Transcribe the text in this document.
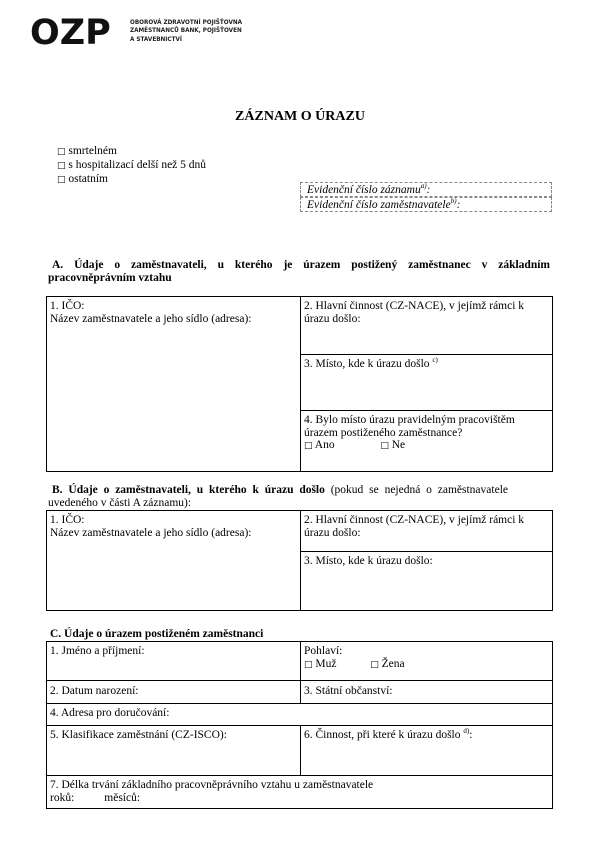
OZP	OBOROVÁ ZDRAVOTNÍ POJIŠŤOVNA
ZAMĚSTNANCŮ BANK, POJIŠŤOVEN
A STAVEBNICTVÍ
ZÁZNAM O ÚRAZU
□ smrtelném
□ s hospitalizací delší než 5 dnů
□ ostatním
Evidenční číslo záznamu$^{a)}$:
Evidenční číslo zaměstnavatele$^{b)}$:
A. Údaje o zaměstnavateli, u kterého je úrazem postižený zaměstnanec v základním pracovněprávním vztahu
1. IČO:
Název zaměstnavatele a jeho sídlo (adresa):
2. Hlavní činnost (CZ-NACE), v jejímž rámci k úrazu došlo:
3. Místo, kde k úrazu došlo $^{c)}$
4. Bylo místo úrazu pravidelným pracovištěm úrazem postiženého zaměstnance?
□ Ano	□ Ne
B. Údaje o zaměstnavateli, u kterého k úrazu došlo (pokud se nejedná o zaměstnavatele uvedeného v části A záznamu):
1. IČO:
Název zaměstnavatele a jeho sídlo (adresa):
2. Hlavní činnost (CZ-NACE), v jejímž rámci k úrazu došlo:
3. Místo, kde k úrazu došlo:
C. Údaje o úrazem postiženém zaměstnanci
1. Jméno a příjmení:	Pohlaví:
□ Muž	□ Žena
2. Datum narození:	3. Státní občanství:
4. Adresa pro doručování:
5. Klasifikace zaměstnání (CZ-ISCO):	6. Činnost, při které k úrazu došlo $^{d)}$:
7. Délka trvání základního pracovněprávního vztahu u zaměstnavatele
roků:	měsíců:
